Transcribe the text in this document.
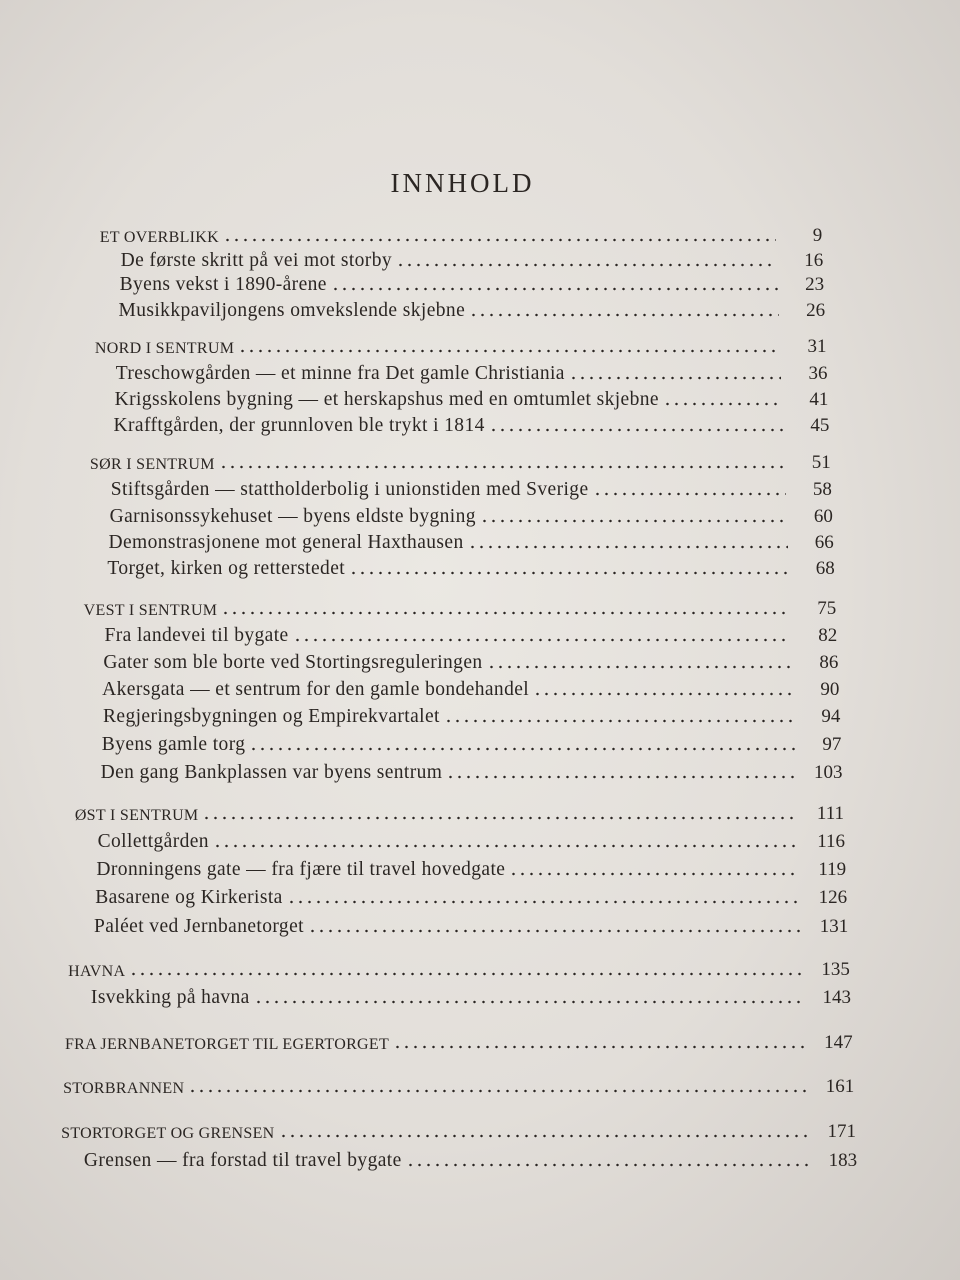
INNHOLD
ET OVERBLIKK	9
De første skritt på vei mot storby	16
Byens vekst i 1890-årene	23
Musikkpaviljongens omvekslende skjebne	26
NORD I SENTRUM	31
Treschowgården — et minne fra Det gamle Christiania	36
Krigsskolens bygning — et herskapshus med en omtumlet skjebne	41
Krafftgården, der grunnloven ble trykt i 1814	45
SØR I SENTRUM	51
Stiftsgården — stattholderbolig i unionstiden med Sverige	58
Garnisonssykehuset — byens eldste bygning	60
Demonstrasjonene mot general Haxthausen	66
Torget, kirken og retterstedet	68
VEST I SENTRUM	75
Fra landevei til bygate	82
Gater som ble borte ved Stortingsreguleringen	86
Akersgata — et sentrum for den gamle bondehandel	90
Regjeringsbygningen og Empirekvartalet	94
Byens gamle torg	97
Den gang Bankplassen var byens sentrum	103
ØST I SENTRUM	111
Collettgården	116
Dronningens gate — fra fjære til travel hovedgate	119
Basarene og Kirkerista	126
Paléet ved Jernbanetorget	131
HAVNA	135
Isvekking på havna	143
FRA JERNBANETORGET TIL EGERTORGET	147
STORBRANNEN	161
STORTORGET OG GRENSEN	171
Grensen — fra forstad til travel bygate	183
